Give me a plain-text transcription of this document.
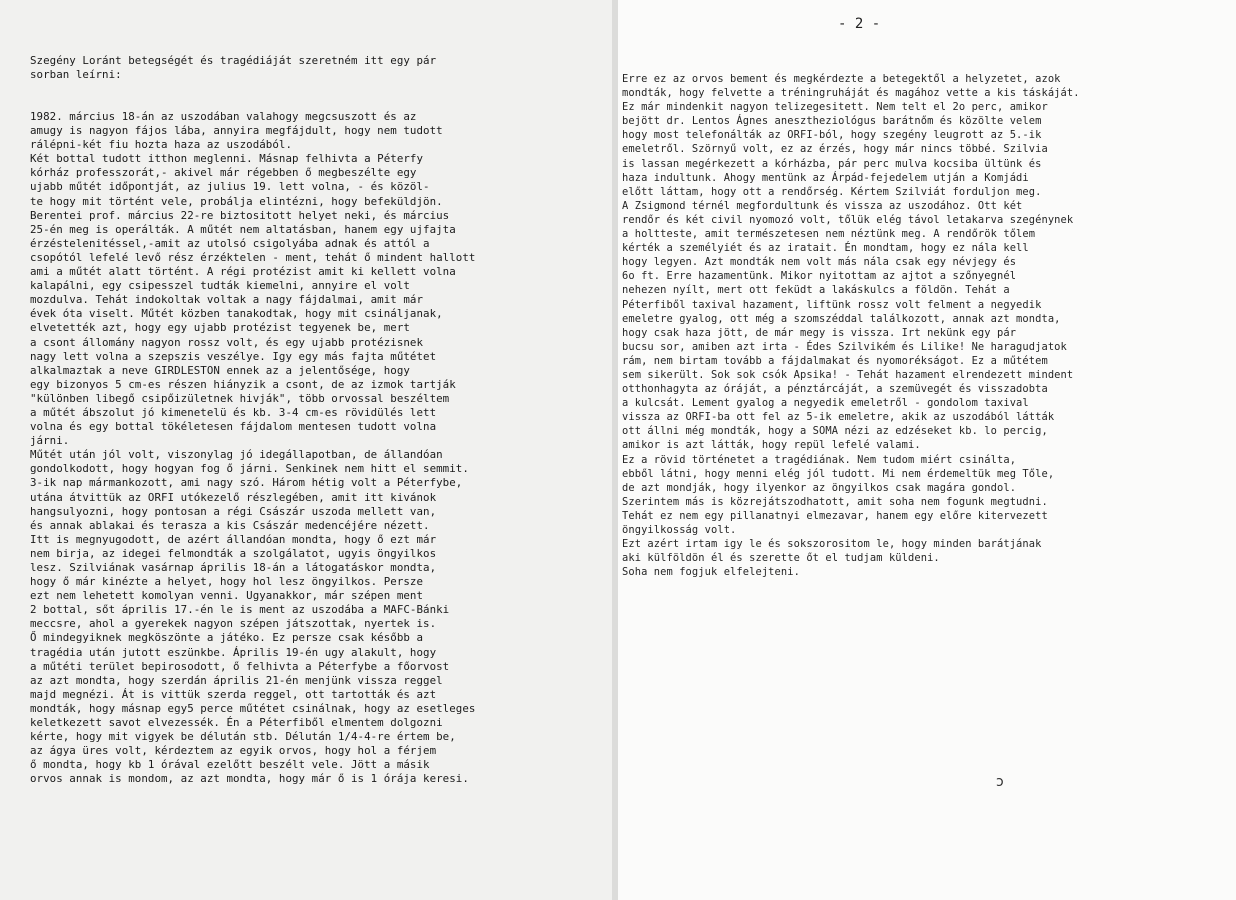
Szegény Loránt betegségét és tragédiáját szeretném itt egy pár
sorban leírni:
1982. március 18-án az uszodában valahogy megcsuszott és az
amugy is nagyon fájos lába, annyira megfájdult, hogy nem tudott
rálépni-két fiu hozta haza az uszodából.
Két bottal tudott itthon meglenni. Másnap felhivta a Péterfy
kórház professzorát,- akivel már régebben ő megbeszélte egy
ujabb műtét időpontját, az julius 19. lett volna, - és közöl-
te hogy mit történt vele, probálja elintézni, hogy befeküldjön.
Berentei prof. március 22-re biztositott helyet neki, és március
25-én meg is operálták. A műtét nem altatásban, hanem egy ujfajta
érzéstelenitéssel,-amit az utolsó csigolyába adnak és attól a
csopótól lefelé levő rész érzéktelen - ment, tehát ő mindent hallott
ami a műtét alatt történt. A régi protézist amit ki kellett volna
kalapálni, egy csipesszel tudták kiemelni, annyire el volt
mozdulva. Tehát indokoltak voltak a nagy fájdalmai, amit már
évek óta viselt. Műtét közben tanakodtak, hogy mit csináljanak,
elvetették azt, hogy egy ujabb protézist tegyenek be, mert
a csont állomány nagyon rossz volt, és egy ujabb protézisnek
nagy lett volna a szepszis veszélye. Igy egy más fajta műtétet
alkalmaztak a neve GIRDLESTON ennek az a jelentősége, hogy
egy bizonyos 5 cm-es részen hiányzik a csont, de az izmok tartják
"különben libegő csipőizületnek hivják", több orvossal beszéltem
a műtét ábszolut jó kimenetelü és kb. 3-4 cm-es rövidülés lett
volna és egy bottal tökéletesen fájdalom mentesen tudott volna
járni.
Műtét után jól volt, viszonylag jó idegállapotban, de állandóan
gondolkodott, hogy hogyan fog ő járni. Senkinek nem hitt el semmit.
3-ik nap mármankozott, ami nagy szó. Három hétig volt a Péterfybe,
utána átvittük az ORFI utókezelő részlegében, amit itt kivánok
hangsulyozni, hogy pontosan a régi Császár uszoda mellett van,
és annak ablakai és terasza a kis Császár medencéjére nézett.
Itt is megnyugodott, de azért állandóan mondta, hogy ő ezt már
nem birja, az idegei felmondták a szolgálatot, ugyis öngyilkos
lesz. Szilviának vasárnap április 18-án a látogatáskor mondta,
hogy ő már kinézte a helyet, hogy hol lesz öngyilkos. Persze
ezt nem lehetett komolyan venni. Ugyanakkor, már szépen ment
2 bottal, sőt április 17.-én le is ment az uszodába a MAFC-Bánki
meccsre, ahol a gyerekek nagyon szépen játszottak, nyertek is.
Ő mindegyiknek megköszönte a játéko. Ez persze csak később a
tragédia után jutott eszünkbe. Április 19-én ugy alakult, hogy
a műtéti terület bepirosodott, ő felhivta a Péterfybe a főorvost
az azt mondta, hogy szerdán április 21-én menjünk vissza reggel
majd megnézi. Át is vittük szerda reggel, ott tartották és azt
mondták, hogy másnap egy5 perce műtétet csinálnak, hogy az esetleges
keletkezett savot elvezessék. Én a Péterfiből elmentem dolgozni
kérte, hogy mit vigyek be délután stb. Délután 1/4-4-re értem be,
az ágya üres volt, kérdeztem az egyik orvos, hogy hol a férjem
ő mondta, hogy kb 1 órával ezelőtt beszélt vele. Jött a másik
orvos annak is mondom, az azt mondta, hogy már ő is 1 órája keresi.
- 2 -
Erre ez az orvos bement és megkérdezte a betegektől a helyzetet, azok
mondták, hogy felvette a tréningruháját és magához vette a kis táskáját.
Ez már mindenkit nagyon telizegesitett. Nem telt el 2o perc, amikor
bejött dr. Lentos Ágnes anesztheziológus barátnőm és közölte velem
hogy most telefonálták az ORFI-ból, hogy szegény leugrott az 5.-ik
emeletről. Szörnyű volt, ez az érzés, hogy már nincs többé. Szilvia
is lassan megérkezett a kórházba, pár perc mulva kocsiba ültünk és
haza indultunk. Ahogy mentünk az Árpád-fejedelem utján a Komjádi
előtt láttam, hogy ott a rendőrség. Kértem Szilviát forduljon meg.
A Zsigmond térnél megfordultunk és vissza az uszodához. Ott két
rendőr és két civil nyomozó volt, tőlük elég távol letakarva szegénynek
a holtteste, amit természetesen nem néztünk meg. A rendőrök tőlem
kérték a személyiét és az iratait. Én mondtam, hogy ez nála kell
hogy legyen. Azt mondták nem volt más nála csak egy névjegy és
6o ft. Erre hazamentünk. Mikor nyitottam az ajtot a szőnyegnél
nehezen nyílt, mert ott feküdt a lakáskulcs a földön. Tehát a
Péterfiből taxival hazament, liftünk rossz volt felment a negyedik
emeletre gyalog, ott még a szomszéddal találkozott, annak azt mondta,
hogy csak haza jött, de már megy is vissza. Irt nekünk egy pár
bucsu sor, amiben azt irta - Édes Szilvikém és Lilike! Ne haragudjatok
rám, nem birtam tovább a fájdalmakat és nyomorékságot. Ez a műtétem
sem sikerült. Sok sok csók Apsika! - Tehát hazament elrendezett mindent
otthonhagyta az óráját, a pénztárcáját, a szemüvegét és visszadobta
a kulcsát. Lement gyalog a negyedik emeletről - gondolom taxival
vissza az ORFI-ba ott fel az 5-ik emeletre, akik az uszodából látták
ott állni még mondták, hogy a SOMA nézi az edzéseket kb. lo percig,
amikor is azt látták, hogy repül lefelé valami.
Ez a rövid történetet a tragédiának. Nem tudom miért csinálta,
ebből látni, hogy menni elég jól tudott. Mi nem érdemeltük meg Tőle,
de azt mondják, hogy ilyenkor az öngyilkos csak magára gondol.
Szerintem más is közrejátszodhatott, amit soha nem fogunk megtudni.
Tehát ez nem egy pillanatnyi elmezavar, hanem egy előre kitervezett
öngyilkosság volt.
Ezt azért irtam igy le és sokszorositom le, hogy minden barátjának
aki külföldön él és szerette őt el tudjam küldeni.
Soha nem fogjuk elfelejteni.
ↄ
